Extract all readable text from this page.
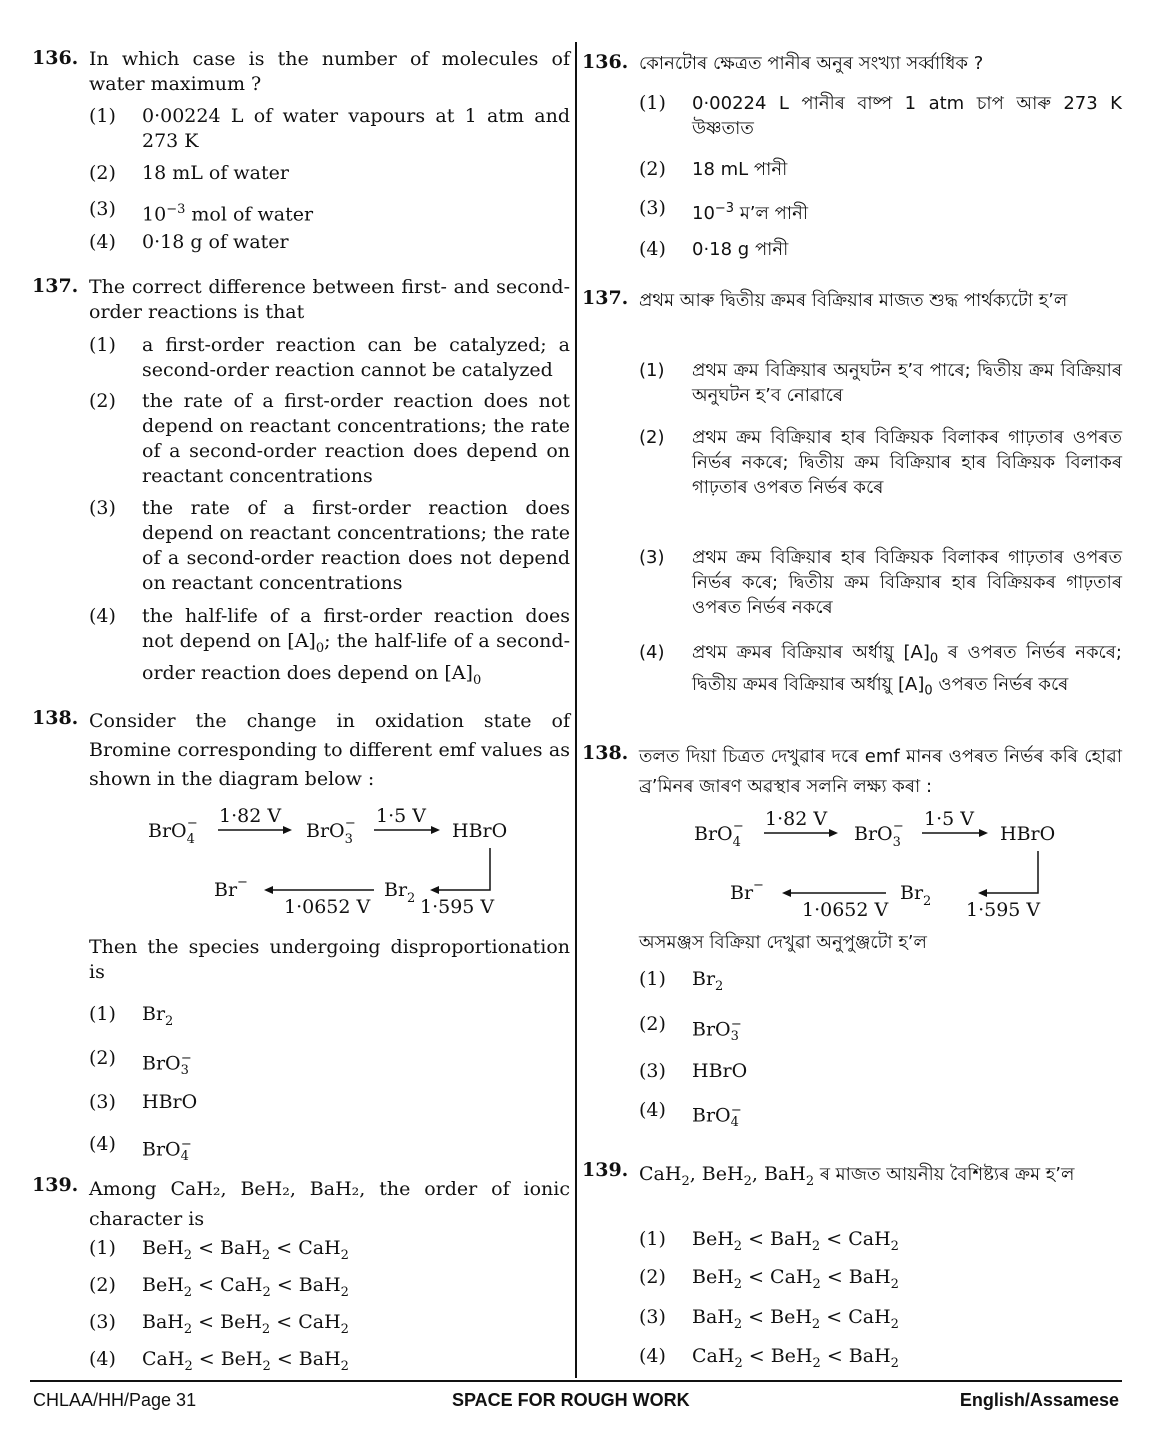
136. In which case is the number of molecules of water maximum ?
(1) 0·00224 L of water vapours at 1 atm and 273 K
(2) 18 mL of water
(3) $10^{-3}$ mol of water
(4) 0·18 g of water
137. The correct difference between first- and second-order reactions is that
(1) a first-order reaction can be catalyzed; a second-order reaction cannot be catalyzed
(2) the rate of a first-order reaction does not depend on reactant concentrations; the rate of a second-order reaction does depend on reactant concentrations
(3) the rate of a first-order reaction does depend on reactant concentrations; the rate of a second-order reaction does not depend on reactant concentrations
(4) the half-life of a first-order reaction does not depend on $[A]_0$; the half-life of a second-order reaction does depend on $[A]_0$
138. Consider the change in oxidation state of Bromine corresponding to different emf values as shown in the diagram below :
BrO$_4$− 1·82 V
BrO$_3$− 1·5 V
HBrO
1·595 V
$Br_2$
1·0652 V
Br−
Then the species undergoing disproportionation is
(1) $Br_2$
(2) BrO$_3$−
(3) HBrO
(4) BrO$_4$−
139. Among CaH₂, BeH₂, BaH₂, the order of ionic character is
(1) BeH$_2$ < BaH$_2$ < CaH$_2$
(2) BeH$_2$ < CaH$_2$ < BaH$_2$
(3) BaH$_2$ < BeH$_2$ < CaH$_2$
(4) CaH$_2$ < BeH$_2$ < BaH$_2$
136. কোনটোৰ ক্ষেত্ৰত পানীৰ অনুৰ সংখ্যা সৰ্ব্বাধিক ?
(1) 0·00224 L পানীৰ বাষ্প 1 atm চাপ আৰু 273 K উষ্ণতাত
(2) 18 mL পানী
(3) $10^{-3}$ ম’ল পানী
(4) 0·18 g পানী
137. প্ৰথম আৰু দ্বিতীয় ক্ৰমৰ বিক্ৰিয়াৰ মাজত শুদ্ধ পাৰ্থক্যটো হ’ল
(1) প্ৰথম ক্ৰম বিক্ৰিয়াৰ অনুঘটন হ’ব পাৰে; দ্বিতীয় ক্ৰম বিক্ৰিয়াৰ অনুঘটন হ’ব নোৱাৰে
(2) প্ৰথম ক্ৰম বিক্ৰিয়াৰ হাৰ বিক্ৰিয়ক বিলাকৰ গাঢ়তাৰ ওপৰত নিৰ্ভৰ নকৰে; দ্বিতীয় ক্ৰম বিক্ৰিয়াৰ হাৰ বিক্ৰিয়ক বিলাকৰ গাঢ়তাৰ ওপৰত নিৰ্ভৰ কৰে
(3) প্ৰথম ক্ৰম বিক্ৰিয়াৰ হাৰ বিক্ৰিয়ক বিলাকৰ গাঢ়তাৰ ওপৰত নিৰ্ভৰ কৰে; দ্বিতীয় ক্ৰম বিক্ৰিয়াৰ হাৰ বিক্ৰিয়কৰ গাঢ়তাৰ ওপৰত নিৰ্ভৰ নকৰে
(4) প্ৰথম ক্ৰমৰ বিক্ৰিয়াৰ অৰ্ধায়ু $[A]_0$ ৰ ওপৰত নিৰ্ভৰ নকৰে; দ্বিতীয় ক্ৰমৰ বিক্ৰিয়াৰ অৰ্ধায়ু $[A]_0$ ওপৰত নিৰ্ভৰ কৰে
138. তলত দিয়া চিত্ৰত দেখুৱাৰ দৰে emf মানৰ ওপৰত নিৰ্ভৰ কৰি হোৱা ব্ৰ’মিনৰ জাৰণ অৱস্থাৰ সলনি লক্ষ্য কৰা :
BrO$_4$− 1·82 V
BrO$_3$− 1·5 V
HBrO
1·595 V
$Br_2$
1·0652 V
Br−
অসমঞ্জস বিক্ৰিয়া দেখুৱা অনুপুঞ্জটো হ’ল
(1) $Br_2$
(2) BrO$_3$−
(3) HBrO
(4) BrO$_4$−
139. CaH$_2$, BeH$_2$, BaH$_2$ ৰ মাজত আয়নীয় বৈশিষ্ট্যৰ ক্ৰম হ’ল
(1) BeH$_2$ < BaH$_2$ < CaH$_2$
(2) BeH$_2$ < CaH$_2$ < BaH$_2$
(3) BaH$_2$ < BeH$_2$ < CaH$_2$
(4) CaH$_2$ < BeH$_2$ < BaH$_2$
CHLAA/HH/Page 31	SPACE FOR ROUGH WORK	English/Assamese
